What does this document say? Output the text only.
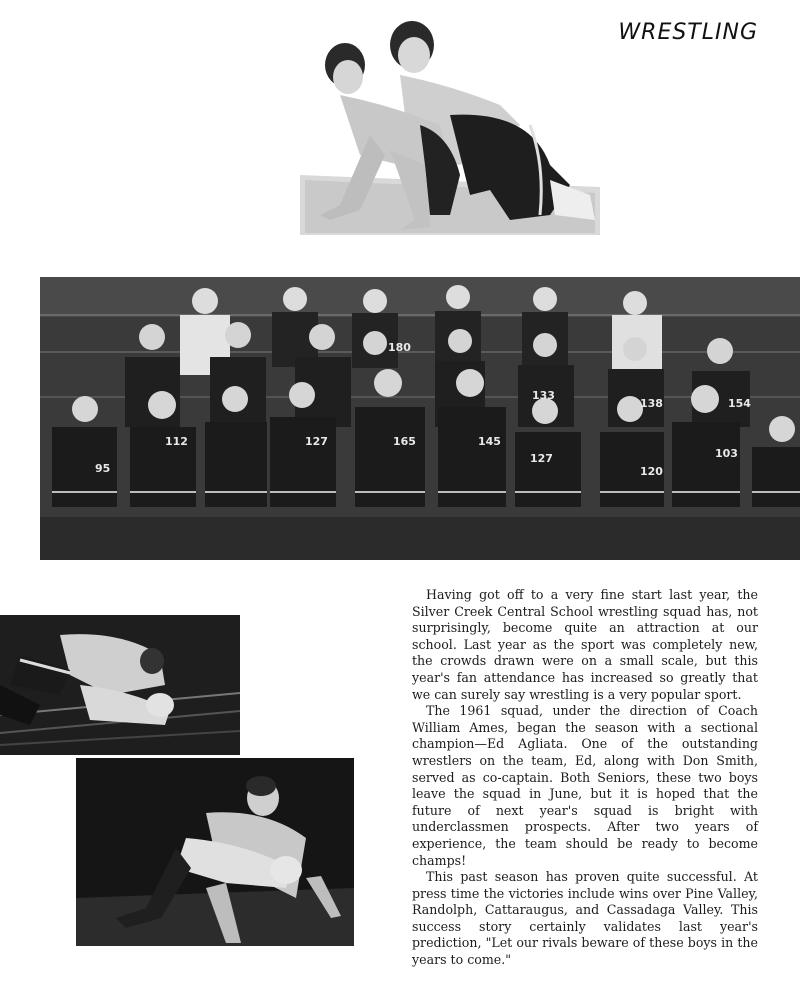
WRESTLING
95
112	127	165	145
127
120
103
133
138	154
180

Having got off to a very fine start last year, the Silver Creek Central School wrestling squad has, not surprisingly, become quite an attraction at our school. Last year as the sport was completely new, the crowds drawn were on a small scale, but this year's fan attendance has increased so greatly that we can surely say wrestling is a very popular sport.

The 1961 squad, under the direction of Coach William Ames, began the season with a sectional champion—Ed Agliata. One of the outstanding wrestlers on the team, Ed, along with Don Smith, served as co-captain. Both Seniors, these two boys leave the squad in June, but it is hoped that the future of next year's squad is bright with underclassmen prospects. After two years of experience, the team should be ready to become champs!

This past season has proven quite successful. At press time the victories include wins over Pine Valley, Randolph, Cattaraugus, and Cassadaga Valley. This success story certainly validates last year's prediction, "Let our rivals beware of these boys in the years to come."
